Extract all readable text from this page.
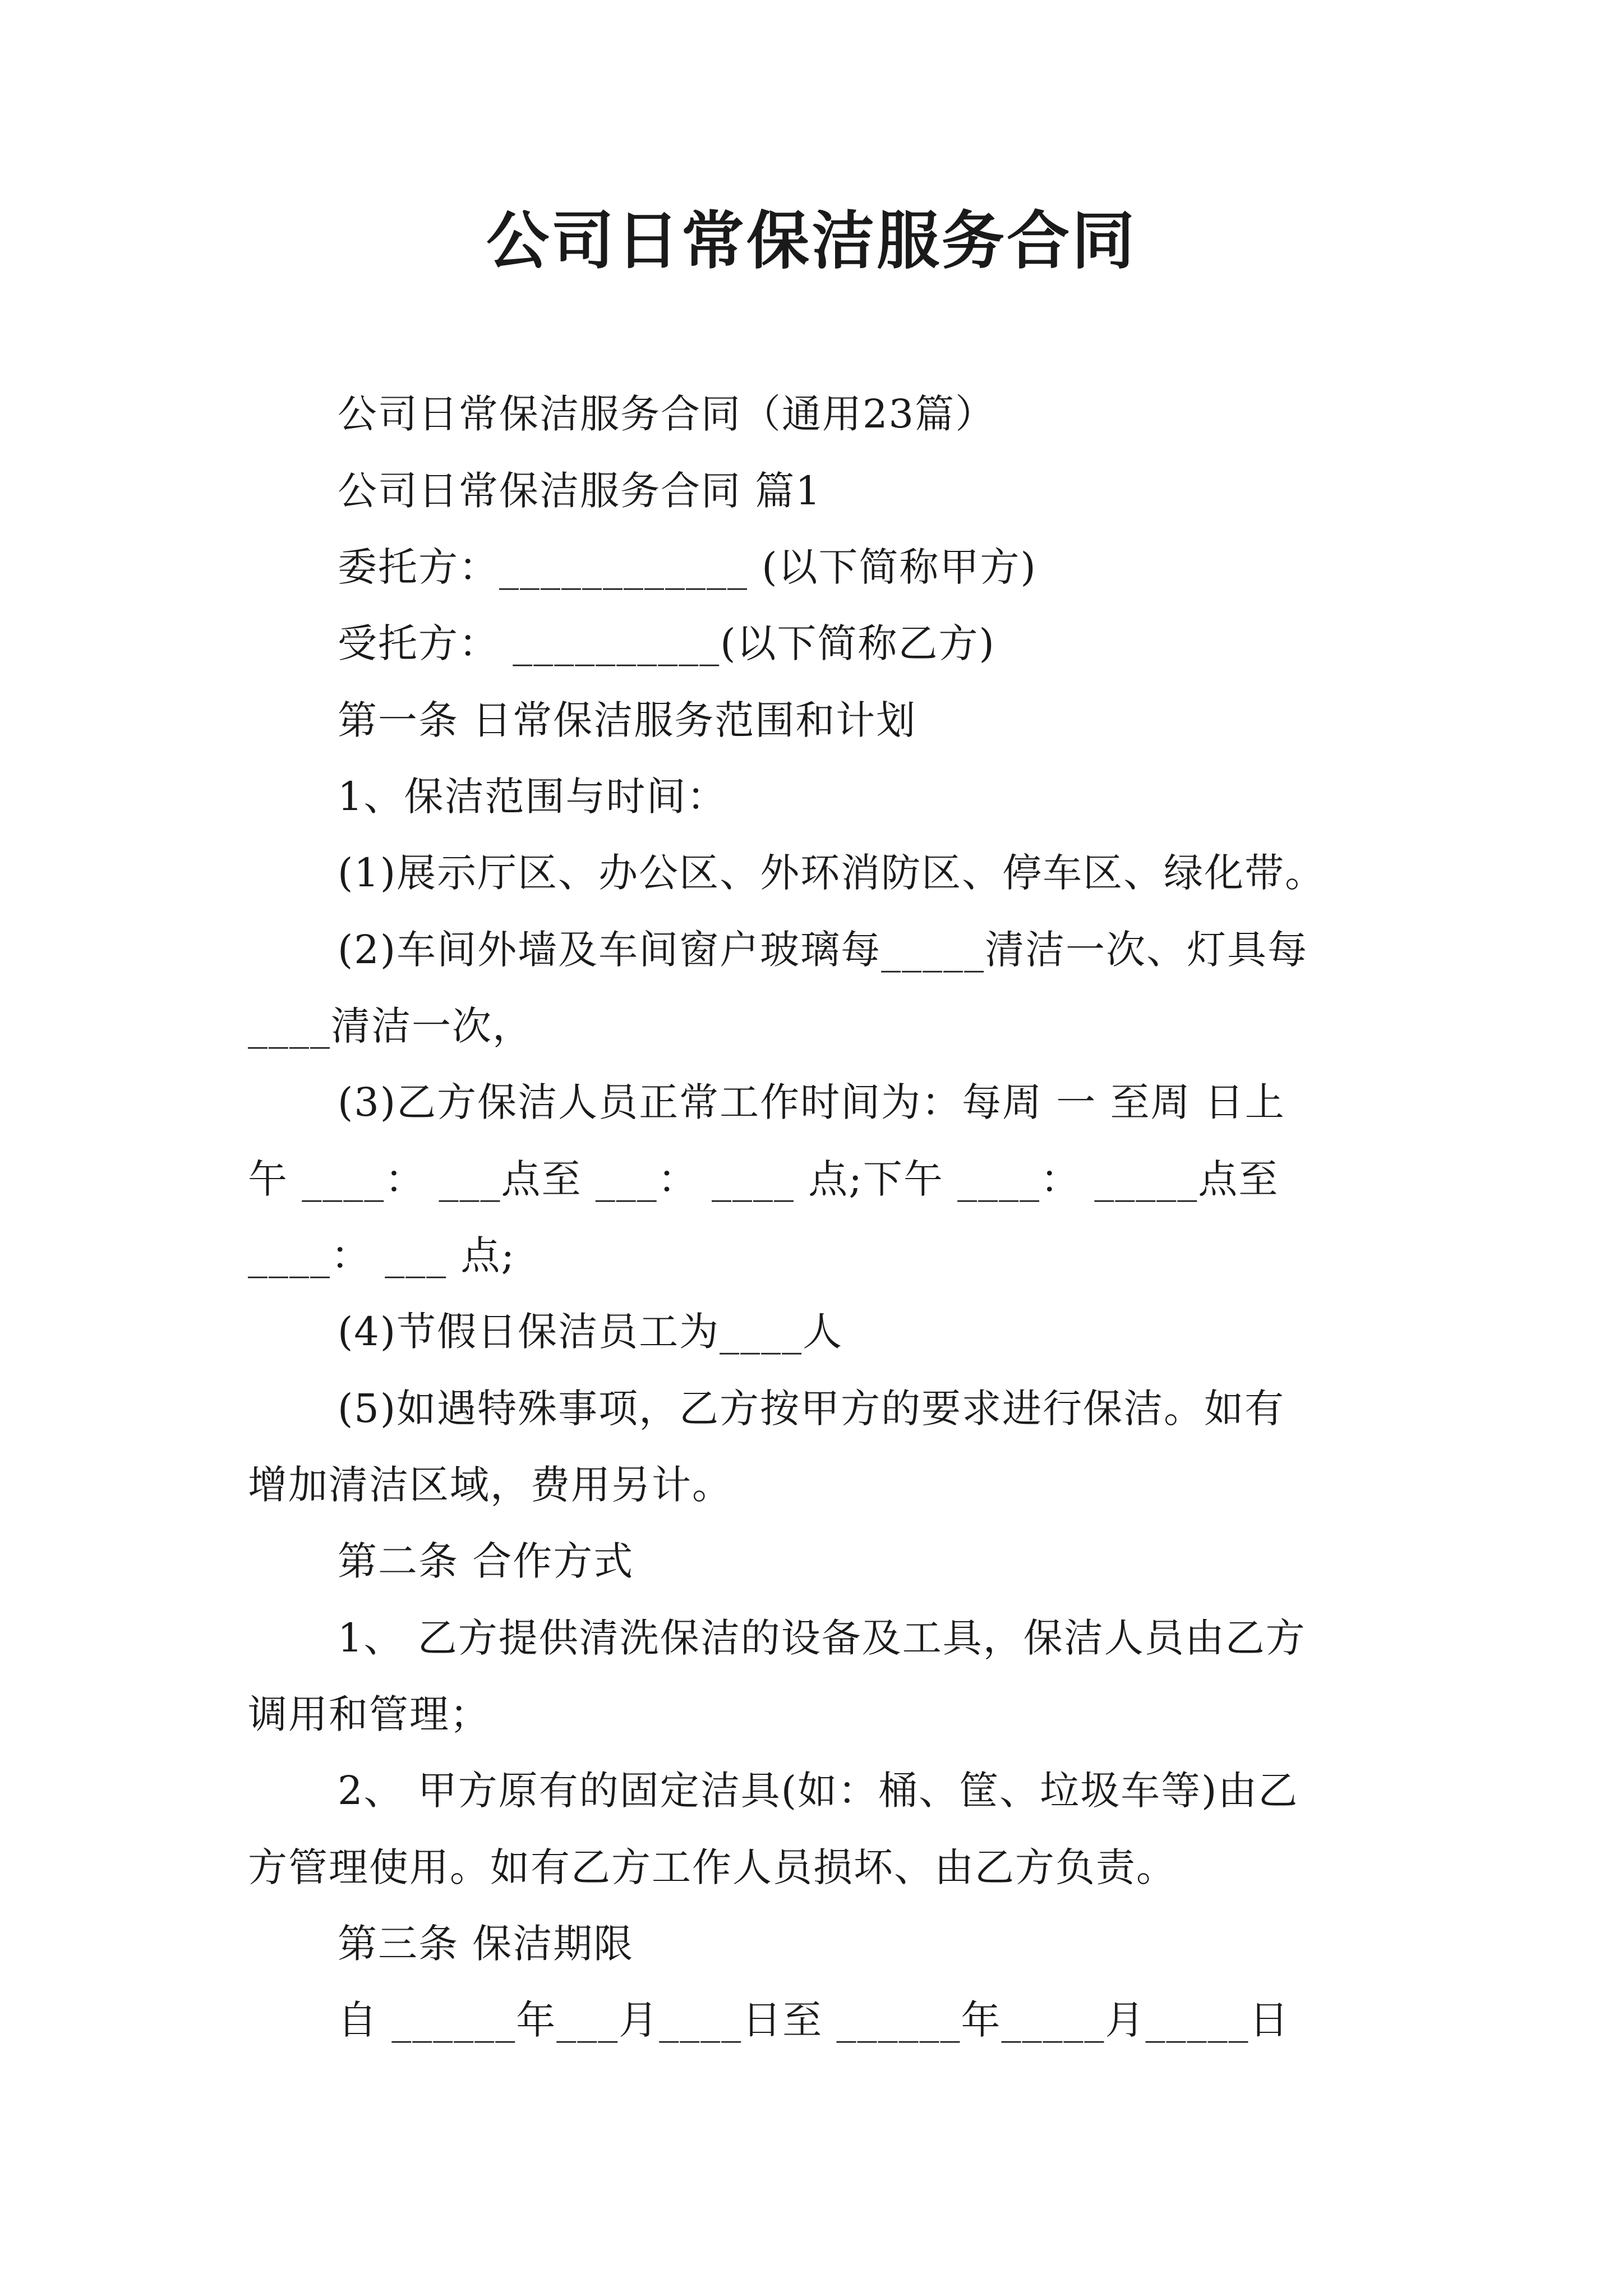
公司日常保洁服务合同
公司日常保洁服务合同（通用23篇）
公司日常保洁服务合同 篇1
委托方：____________ (以下简称甲方)
受托方： __________(以下简称乙方)
第一条 日常保洁服务范围和计划
1、保洁范围与时间：
(1)展示厅区、办公区、外环消防区、停车区、绿化带。
(2)车间外墙及车间窗户玻璃每_____清洁一次、灯具每
____清洁一次，
(3)乙方保洁人员正常工作时间为：每周 一 至周 日上
午 ____： ___点至 ___： ____ 点;下午 ____： _____点至
____： ___ 点;
(4)节假日保洁员工为____人
(5)如遇特殊事项，乙方按甲方的要求进行保洁。如有
增加清洁区域，费用另计。
第二条 合作方式
1、 乙方提供清洗保洁的设备及工具，保洁人员由乙方
调用和管理；
2、 甲方原有的固定洁具(如：桶、筐、垃圾车等)由乙
方管理使用。如有乙方工作人员损坏、由乙方负责。
第三条 保洁期限
自 ______年___月____日至 ______年_____月_____日
